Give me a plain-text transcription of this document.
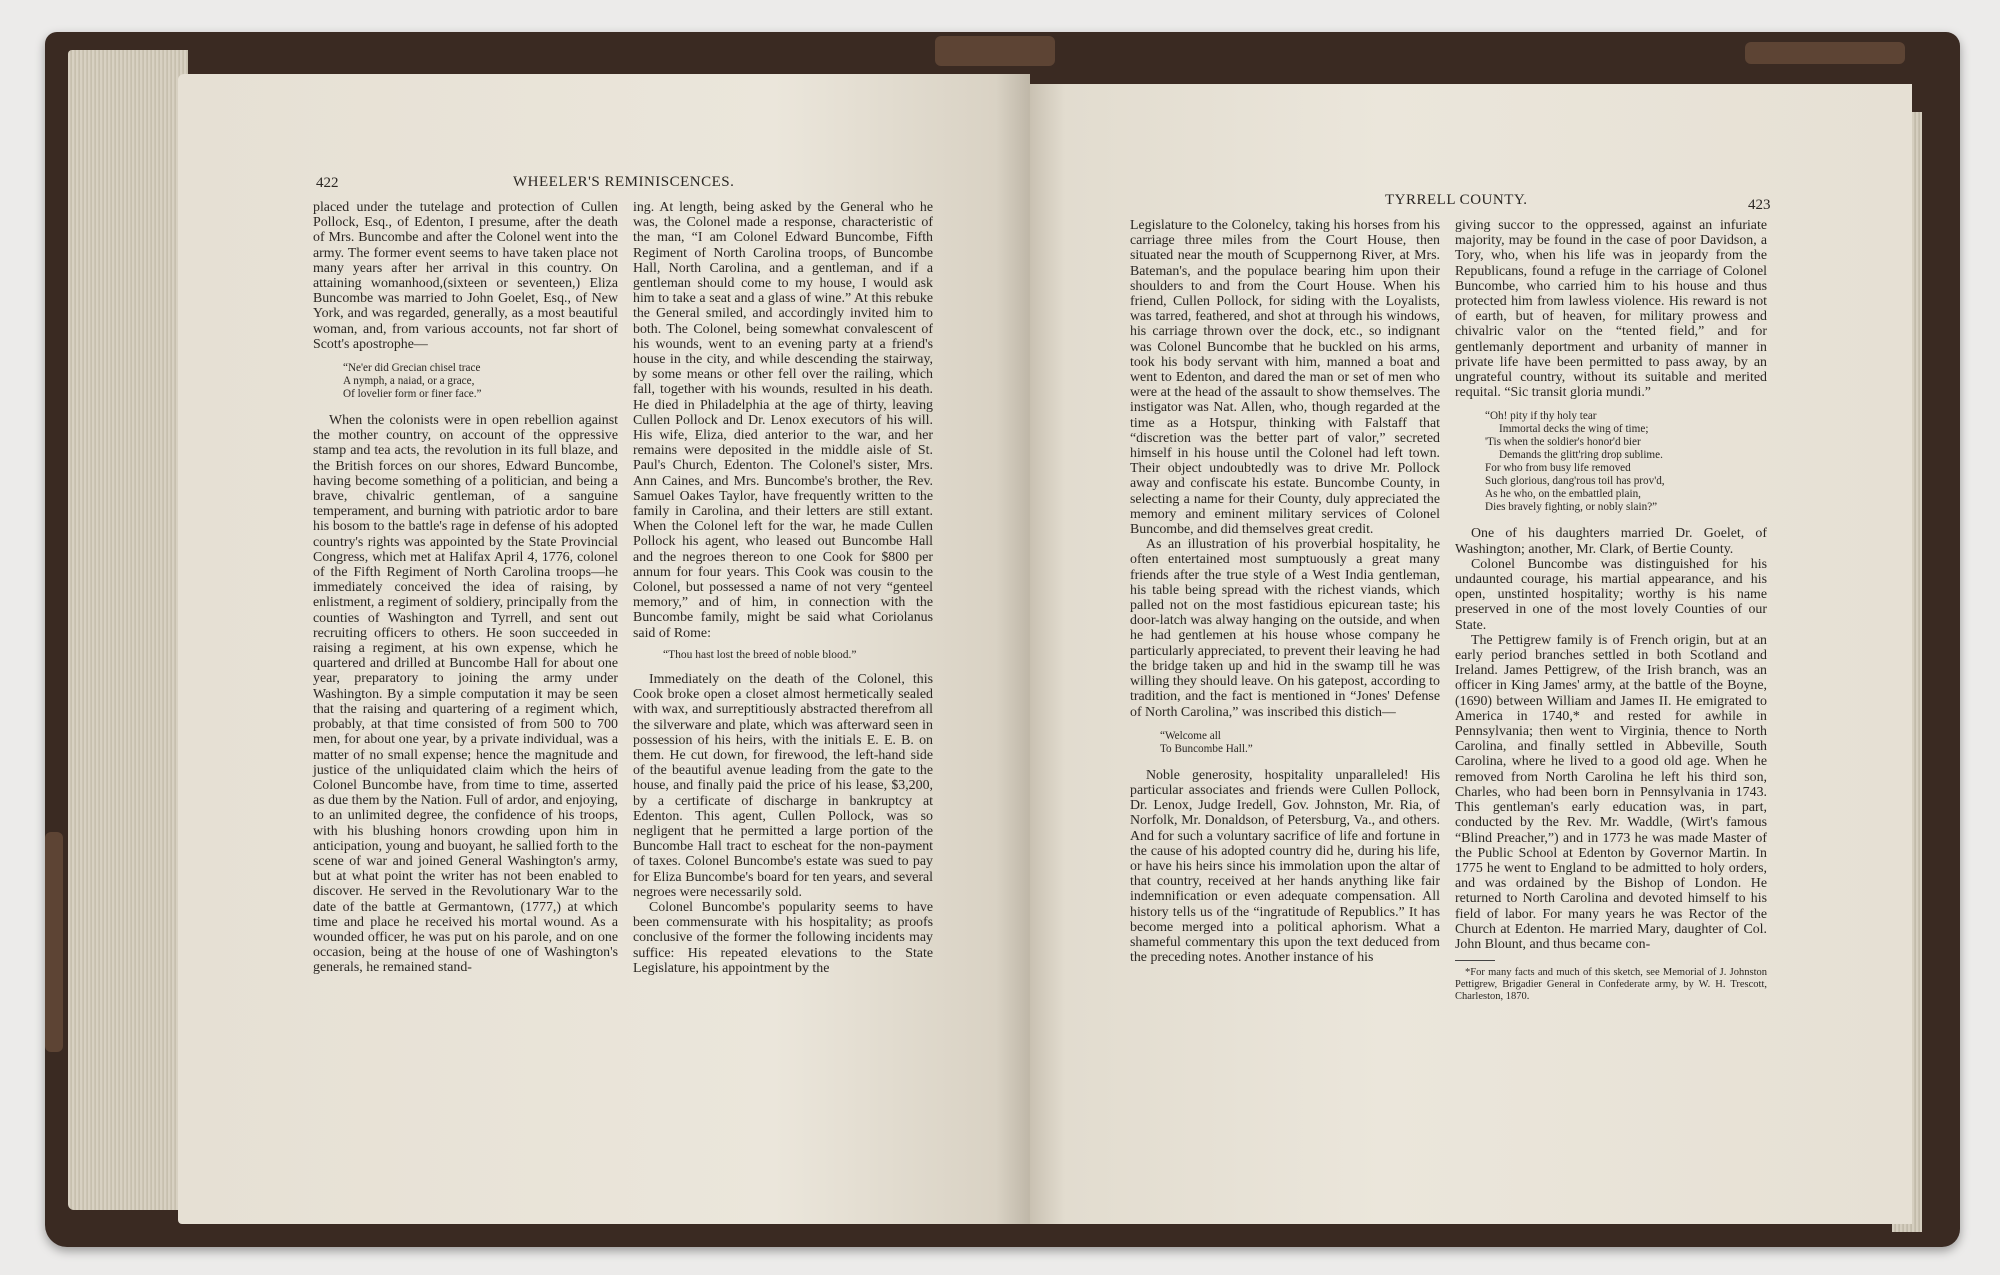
422	WHEELER'S REMINISCENCES.

placed under the tutelage and protection of Cullen Pollock, Esq., of Edenton, I presume, after the death of Mrs. Buncombe and after the Colonel went into the army. The former event seems to have taken place not many years after her arrival in this country. On attaining womanhood,(sixteen or seventeen,) Eliza Buncombe was married to John Goelet, Esq., of New York, and was regarded, generally, as a most beautiful woman, and, from various accounts, not far short of Scott's apostrophe—

“Ne'er did Grecian chisel trace
A nymph, a naiad, or a grace,
Of lovelier form or finer face.”

When the colonists were in open rebellion against the mother country, on account of the oppressive stamp and tea acts, the revolution in its full blaze, and the British forces on our shores, Edward Buncombe, having become something of a politician, and being a brave, chivalric gentleman, of a sanguine temperament, and burning with patriotic ardor to bare his bosom to the battle's rage in defense of his adopted country's rights was appointed by the State Provincial Congress, which met at Halifax April 4, 1776, colonel of the Fifth Regiment of North Carolina troops—he immediately conceived the idea of raising, by enlistment, a regiment of soldiery, principally from the counties of Washington and Tyrrell, and sent out recruiting officers to others. He soon succeeded in raising a regiment, at his own expense, which he quartered and drilled at Buncombe Hall for about one year, preparatory to joining the army under Washington. By a simple computation it may be seen that the raising and quartering of a regiment which, probably, at that time consisted of from 500 to 700 men, for about one year, by a private individual, was a matter of no small expense; hence the magnitude and justice of the unliquidated claim which the heirs of Colonel Buncombe have, from time to time, asserted as due them by the Nation. Full of ardor, and enjoying, to an unlimited degree, the confidence of his troops, with his blushing honors crowding upon him in anticipation, young and buoyant, he sallied forth to the scene of war and joined General Washington's army, but at what point the writer has not been enabled to discover. He served in the Revolutionary War to the date of the battle at Germantown, (1777,) at which time and place he received his mortal wound. As a wounded officer, he was put on his parole, and on one occasion, being at the house of one of Washington's generals, he remained stand-

ing. At length, being asked by the General who he was, the Colonel made a response, characteristic of the man, “I am Colonel Edward Buncombe, Fifth Regiment of North Carolina troops, of Buncombe Hall, North Carolina, and a gentleman, and if a gentleman should come to my house, I would ask him to take a seat and a glass of wine.” At this rebuke the General smiled, and accordingly invited him to both. The Colonel, being somewhat convalescent of his wounds, went to an evening party at a friend's house in the city, and while descending the stairway, by some means or other fell over the railing, which fall, together with his wounds, resulted in his death. He died in Philadelphia at the age of thirty, leaving Cullen Pollock and Dr. Lenox executors of his will. His wife, Eliza, died anterior to the war, and her remains were deposited in the middle aisle of St. Paul's Church, Edenton. The Colonel's sister, Mrs. Ann Caines, and Mrs. Buncombe's brother, the Rev. Samuel Oakes Taylor, have frequently written to the family in Carolina, and their letters are still extant. When the Colonel left for the war, he made Cullen Pollock his agent, who leased out Buncombe Hall and the negroes thereon to one Cook for $800 per annum for four years. This Cook was cousin to the Colonel, but possessed a name of not very “genteel memory,” and of him, in connection with the Buncombe family, might be said what Coriolanus said of Rome:

“Thou hast lost the breed of noble blood.”

Immediately on the death of the Colonel, this Cook broke open a closet almost hermetically sealed with wax, and surreptitiously abstracted therefrom all the silverware and plate, which was afterward seen in possession of his heirs, with the initials E. E. B. on them. He cut down, for firewood, the left-hand side of the beautiful avenue leading from the gate to the house, and finally paid the price of his lease, $3,200, by a certificate of discharge in bankruptcy at Edenton. This agent, Cullen Pollock, was so negligent that he permitted a large portion of the Buncombe Hall tract to escheat for the non-payment of taxes. Colonel Buncombe's estate was sued to pay for Eliza Buncombe's board for ten years, and several negroes were necessarily sold.

Colonel Buncombe's popularity seems to have been commensurate with his hospitality; as proofs conclusive of the former the following incidents may suffice: His repeated elevations to the State Legislature, his appointment by the

TYRRELL COUNTY.	423

Legislature to the Colonelcy, taking his horses from his carriage three miles from the Court House, then situated near the mouth of Scuppernong River, at Mrs. Bateman's, and the populace bearing him upon their shoulders to and from the Court House. When his friend, Cullen Pollock, for siding with the Loyalists, was tarred, feathered, and shot at through his windows, his carriage thrown over the dock, etc., so indignant was Colonel Buncombe that he buckled on his arms, took his body servant with him, manned a boat and went to Edenton, and dared the man or set of men who were at the head of the assault to show themselves. The instigator was Nat. Allen, who, though regarded at the time as a Hotspur, thinking with Falstaff that “discretion was the better part of valor,” secreted himself in his house until the Colonel had left town. Their object undoubtedly was to drive Mr. Pollock away and confiscate his estate. Buncombe County, in selecting a name for their County, duly appreciated the memory and eminent military services of Colonel Buncombe, and did themselves great credit.

As an illustration of his proverbial hospitality, he often entertained most sumptuously a great many friends after the true style of a West India gentleman, his table being spread with the richest viands, which palled not on the most fastidious epicurean taste; his door-latch was alway hanging on the outside, and when he had gentlemen at his house whose company he particularly appreciated, to prevent their leaving he had the bridge taken up and hid in the swamp till he was willing they should leave. On his gatepost, according to tradition, and the fact is mentioned in “Jones' Defense of North Carolina,” was inscribed this distich—

“Welcome all
To Buncombe Hall.”

Noble generosity, hospitality unparalleled! His particular associates and friends were Cullen Pollock, Dr. Lenox, Judge Iredell, Gov. Johnston, Mr. Ria, of Norfolk, Mr. Donaldson, of Petersburg, Va., and others. And for such a voluntary sacrifice of life and fortune in the cause of his adopted country did he, during his life, or have his heirs since his immolation upon the altar of that country, received at her hands anything like fair indemnification or even adequate compensation. All history tells us of the “ingratitude of Republics.” It has become merged into a political aphorism. What a shameful commentary this upon the text deduced from the preceding notes. Another instance of his

giving succor to the oppressed, against an infuriate majority, may be found in the case of poor Davidson, a Tory, who, when his life was in jeopardy from the Republicans, found a refuge in the carriage of Colonel Buncombe, who carried him to his house and thus protected him from lawless violence. His reward is not of earth, but of heaven, for military prowess and chivalric valor on the “tented field,” and for gentlemanly deportment and urbanity of manner in private life have been permitted to pass away, by an ungrateful country, without its suitable and merited requital. “Sic transit gloria mundi.”

“Oh! pity if thy holy tear
Immortal decks the wing of time;
'Tis when the soldier's honor'd bier
Demands the glitt'ring drop sublime.
For who from busy life removed
Such glorious, dang'rous toil has prov'd,
As he who, on the embattled plain,
Dies bravely fighting, or nobly slain?”

One of his daughters married Dr. Goelet, of Washington; another, Mr. Clark, of Bertie County.

Colonel Buncombe was distinguished for his undaunted courage, his martial appearance, and his open, unstinted hospitality; worthy is his name preserved in one of the most lovely Counties of our State.

The Pettigrew family is of French origin, but at an early period branches settled in both Scotland and Ireland. James Pettigrew, of the Irish branch, was an officer in King James' army, at the battle of the Boyne, (1690) between William and James II. He emigrated to America in 1740,* and rested for awhile in Pennsylvania; then went to Virginia, thence to North Carolina, and finally settled in Abbeville, South Carolina, where he lived to a good old age. When he removed from North Carolina he left his third son, Charles, who had been born in Pennsylvania in 1743. This gentleman's early education was, in part, conducted by the Rev. Mr. Waddle, (Wirt's famous “Blind Preacher,”) and in 1773 he was made Master of the Public School at Edenton by Governor Martin. In 1775 he went to England to be admitted to holy orders, and was ordained by the Bishop of London. He returned to North Carolina and devoted himself to his field of labor. For many years he was Rector of the Church at Edenton. He married Mary, daughter of Col. John Blount, and thus became con-

*For many facts and much of this sketch, see Memorial of J. Johnston Pettigrew, Brigadier General in Confederate army, by W. H. Trescott, Charleston, 1870.
